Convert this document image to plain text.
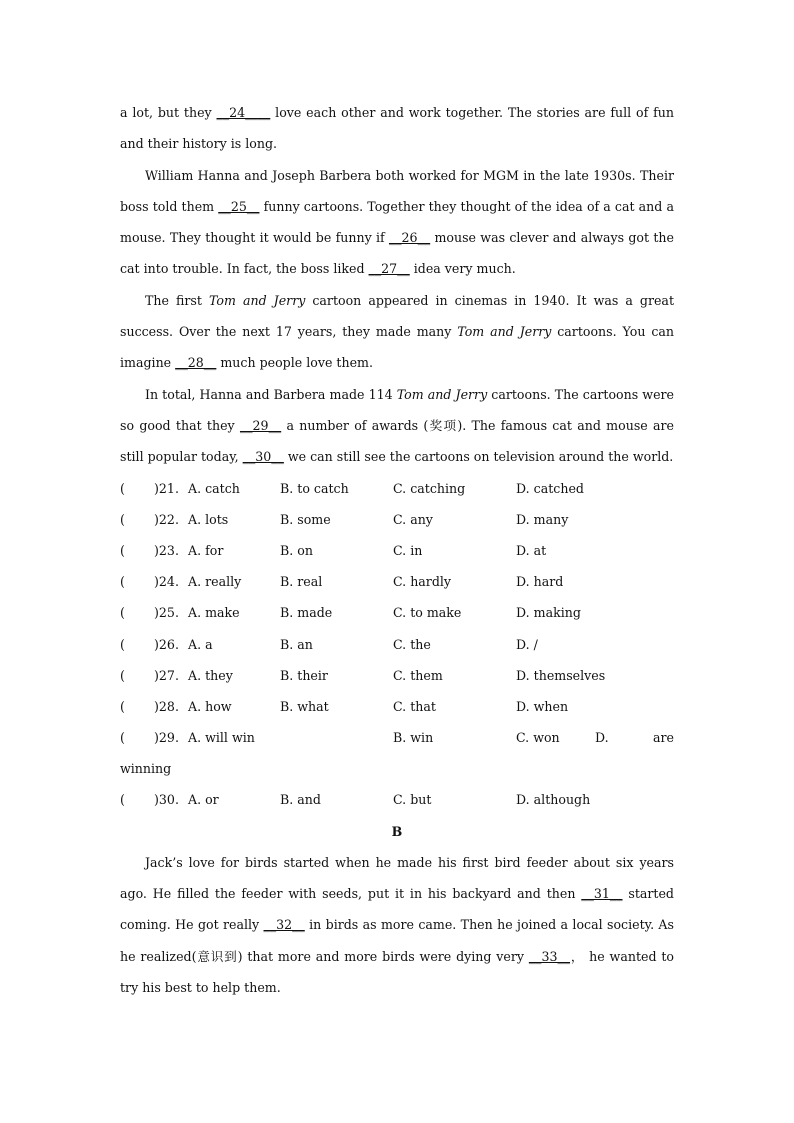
a lot, but they __24____ love each other and work together. The stories are full of fun and their history is long.

William Hanna and Joseph Barbera both worked for MGM in the late 1930s. Their boss told them __25__ funny cartoons. Together they thought of the idea of a cat and a mouse. They thought it would be funny if __26__ mouse was clever and always got the cat into trouble. In fact, the boss liked __27__ idea very much.

The first Tom and Jerry cartoon appeared in cinemas in 1940. It was a great success. Over the next 17 years, they made many Tom and Jerry cartoons. You can imagine __28__ much people love them.

In total, Hanna and Barbera made 114 Tom and Jerry cartoons. The cartoons were so good that they __29__ a number of awards (奖项). The famous cat and mouse are still popular today, __30__ we can still see the cartoons on television around the world.

( )21. A. catch	B. to catch	C. catching	D. catched
( )22. A. lots	B. some	C. any	D. many
( )23. A. for	B. on	C. in	D. at
( )24. A. really	B. real	C. hardly	D. hard
( )25. A. make	B. made	C. to make	D. making
( )26. A. a	B. an	C. the	D. /
( )27. A. they	B. their	C. them	D. themselves
( )28. A. how	B. what	C. that	D. when
( )29. A. will win	B. win	C. won	D.	are
winning
( )30. A. or	B. and	C. but	D. although
B

Jack’s love for birds started when he made his first bird feeder about six years ago. He filled the feeder with seeds, put it in his backyard and then __31__ started coming. He got really __32__ in birds as more came. Then he joined a local society. As he realized(意识到) that more and more birds were dying very __33__， he wanted to try his best to help them.
